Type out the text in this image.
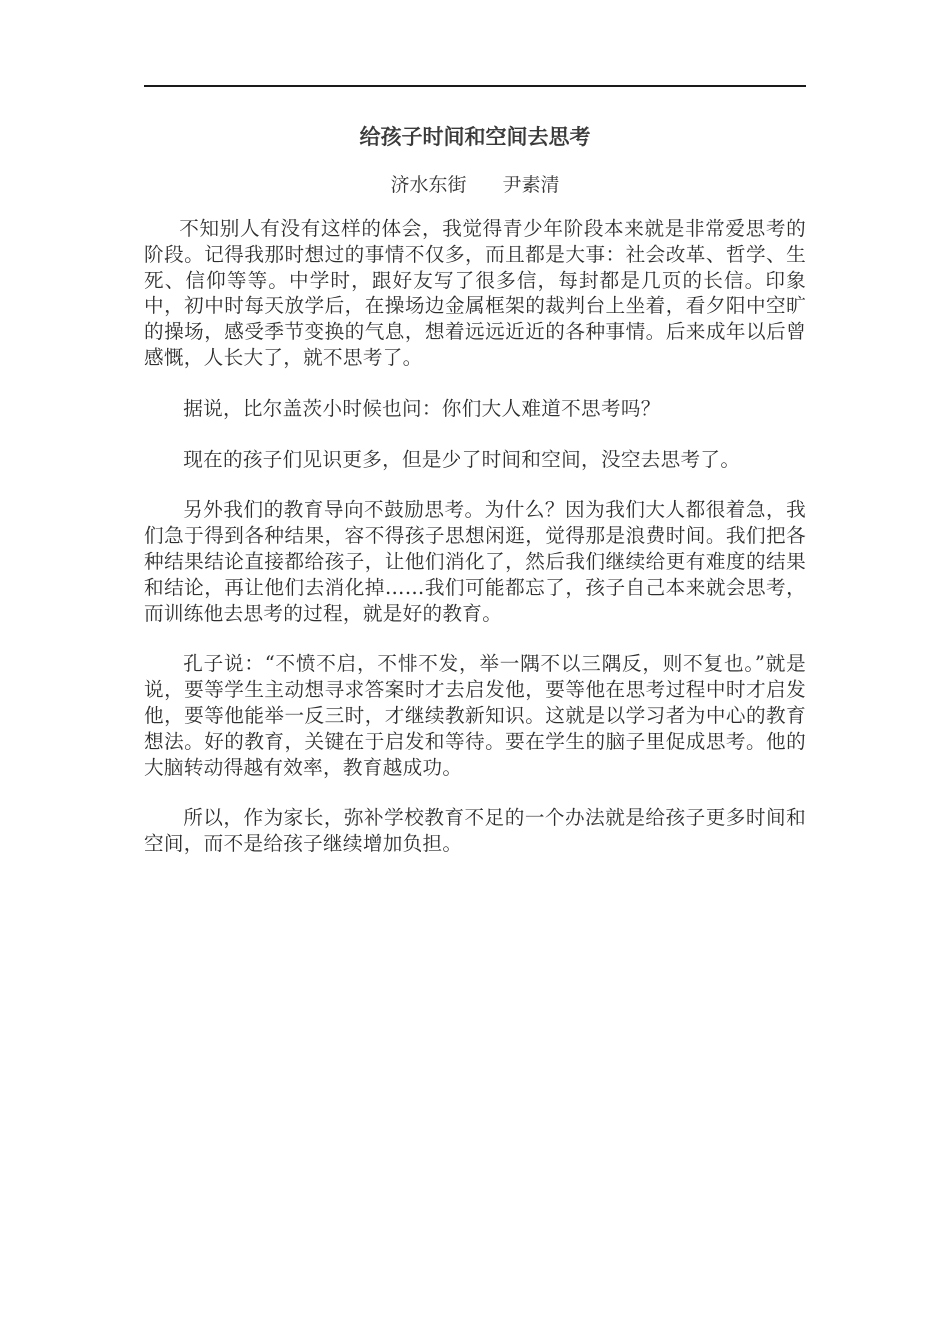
给孩子时间和空间去思考
济水东街 尹素清

不知别人有没有这样的体会，我觉得青少年阶段本来就是非常爱思考的阶段。记得我那时想过的事情不仅多，而且都是大事：社会改革、哲学、生死、信仰等等。中学时，跟好友写了很多信，每封都是几页的长信。印象中，初中时每天放学后，在操场边金属框架的裁判台上坐着，看夕阳中空旷的操场，感受季节变换的气息，想着远远近近的各种事情。后来成年以后曾感慨，人长大了，就不思考了。

据说，比尔盖茨小时候也问：你们大人难道不思考吗？

现在的孩子们见识更多，但是少了时间和空间，没空去思考了。

另外我们的教育导向不鼓励思考。为什么？因为我们大人都很着急，我们急于得到各种结果，容不得孩子思想闲逛，觉得那是浪费时间。我们把各种结果结论直接都给孩子，让他们消化了，然后我们继续给更有难度的结果和结论，再让他们去消化掉……我们可能都忘了，孩子自己本来就会思考，而训练他去思考的过程，就是好的教育。

孔子说：“不愤不启，不悱不发，举一隅不以三隅反，则不复也。”就是说，要等学生主动想寻求答案时才去启发他，要等他在思考过程中时才启发他，要等他能举一反三时，才继续教新知识。这就是以学习者为中心的教育想法。好的教育，关键在于启发和等待。要在学生的脑子里促成思考。他的大脑转动得越有效率，教育越成功。

所以，作为家长，弥补学校教育不足的一个办法就是给孩子更多时间和空间，而不是给孩子继续增加负担。
